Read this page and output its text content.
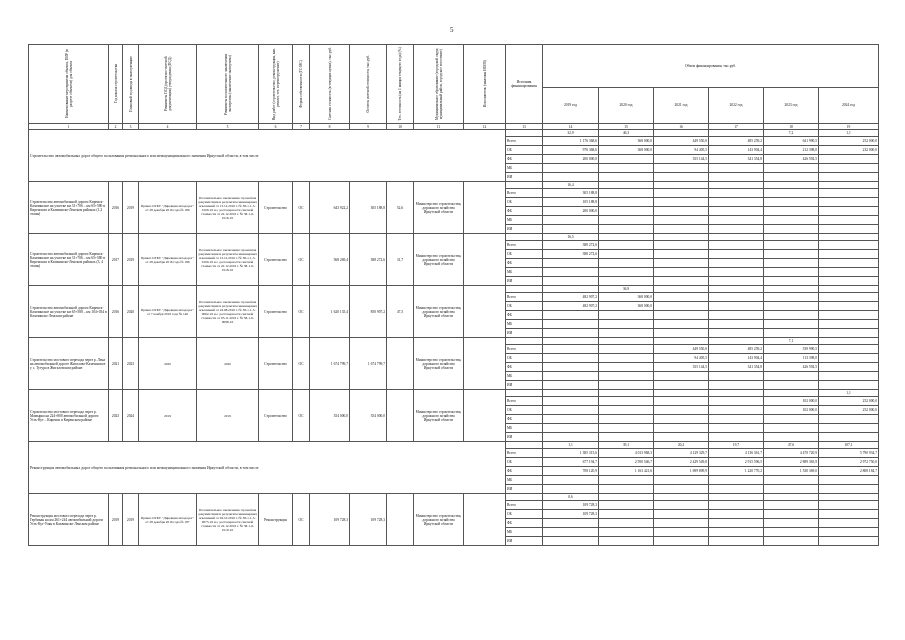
5
Наименование мероприятия объекта, ПИР (в разрезе объектов) для объекта	Год начала строительства	Плановый год ввода в эксплуатацию	Реквизиты ПСД (проектно-сметной документации) утверждения (ПСД)	Реквизиты положительного заключения экспертизы (заключение экспертизы)	Вид работ (строительство, реконструкция, кап. ремонт, тех. перевооружение)	Форма собственности (ГС/МС)	Сметная стоимость (в текущих ценах), тыс.руб.	Остаток сметной стоимости, тыс.руб.	Тех. готовность (на 1 января текущего года) (%)	Муниципальное образование (городской округ, муниципальный район, городское поселение)	Исполнитель (заказчик ИОГВ)	Источник финансирования	Объем финансирования, тыс.руб.					
													2019 год	2020 год	2021 год	2022 год	2023 год	2024 год
1	2	3	4	5	6	7	8	9	10	11	12	13	14	15	16	17	18	19
Строительство автомобильных дорог общего пользования регионального или межмуниципального значения Иркутской области, в том числе													32,9	46,3			7,2	1,1
												Всего	1 176 368,6	368 000,0	449 550,0	485 259,2	641 990,5	252 000,0
												ОБ	976 368,6	368 000,0	94 405,5	143 904,4	212 398,0	232 000,0
												ФБ	200 000,0		355 144,5	341 354,8	426 592,5	
												МБ						
												ИИ						
Строительство автомобильной дороги Киренск-Казачинское на участке км 31+706 – км 65+580 в Киренском и Казачинско-Ленском районах (1,2 этапы)	2016	2019	Приказ ОГКУ "Дирекция автодорог" от 28 декабря 2016 года № 186	Положительное заключение: проектная документация и результаты инженерных изысканий от 13.12.2016 г. № 38-1-1-3-0109-16 и о достоверности сметной стоимости от 22.12.2016 г. № 38-1-6-0116-16	Строительство	ОС	643 922,2	305 188,8	52,6	Министерство строительства, дорожного хозяйства Иркутской области			16,4					
												Всего	305 188,8					
												ОБ	105 188,8					
												ФБ	200 000,0					
												МБ						
												ИИ						
Строительство автомобильной дороги Киренск-Казачинское на участке км 31+706 – км 65+580 в Киренском и Казачинско-Ленском районах (3, 4 этапы)	2017	2019	Приказ ОГКУ "Дирекция автодорог" от 28 декабря 2016 года № 186	Положительное заключение: проектная документация и результаты инженерных изысканий от 13.12.2016 г. № 38-1-1-3-0109-16 и о достоверности сметной стоимости от 22.12.2016 г. № 38-1-6-0118-16	Строительство	ОС	568 269,4	388 272,6	31,7	Министерство строительства, дорожного хозяйства Иркутской области			16,5					
												Всего	388 272,6					
												ОБ	388 272,6					
												ФБ						
												МБ						
												ИИ						
Строительство автомобильной дороги Киренск-Казачинское на участке км 65+580 – км 104+034 в Казачинско-Ленском районе	2016	2020	Приказ ОГКУ "Дирекция автодорог" от 7 ноября 2016 года № 146	Положительное заключение: проектная документация и результаты инженерных изысканий от 24.08.2016 г. № 38-1-1-3-0062-16 и о достоверности сметной стоимости от 03.11.2016 г. № 38-1-6-0098-16	Строительство	ОС	1 620 135,4	850 907,2	47,5	Министерство строительства, дорожного хозяйства Иркутской области				36,9				
												Всего	482 907,2	368 000,0				
												ОБ	482 907,2	368 000,0				
												ФБ						
												МБ						
												ИИ						
Строительство мостового перехода через р. Лена на автомобильной дороге Жигалово-Казачинское у с. Тутура в Жигаловском районе	2021	2023	2020	2020	Строительство	ОС	1 674 799,7	1 674 799,7		Министерство строительства, дорожного хозяйства Иркутской области							7,1	
												Всего			449 550,0	485 259,2	539 990,5	
												ОБ			94 405,5	143 904,4	113 398,0	
												ФБ			355 144,5	341 354,8	426 592,5	
												МБ						
												ИИ						
Строительство мостового перехода через р. Мамырка на 224+800 автомобильной дороги Усть-Кут – Киренск в Киренском районе	2023	2024	2019	2019	Строительство	ОС	354 000,0	354 000,0		Министерство строительства, дорожного хозяйства Иркутской области								1,1
												Всего					102 000,0	252 000,0
												ОБ					102 000,0	252 000,0
												ФБ						
												МБ						
												ИИ						
Реконструкция автомобильных дорог общего пользования регионального или межмуниципального значения Иркутской области, в том числе													1,1	39,1	20,2	19,7	47,6	107,1
												Всего	1 385 315,6	4 013 968,3	4 129 329,7	4 136 361,7	4 470 720,9	5 790 934,7
												ОБ	677 194,7	2 950 546,7	2 429 549,8	2 915 596,5	2 889 365,9	2 972 750,0
												ФБ	708 120,9	1 163 421,6	1 699 809,9	1 220 770,2	1 530 369,0	2 808 184,7
												МБ						
												ИИ						
Реконструкция мостового перехода через р. Гербикан на км 261+244 автомобильной дороги Усть-Кут-Уоян в Казачинско-Ленском районе	2019	2019	Приказ ОГКУ "Дирекция автодорог" от 28 декабря 2016 года № 187	Положительное заключение: проектная документация и результаты инженерных изысканий от 04.10.2016 г. № 38-1-1-3-0075-16 и о достоверности сметной стоимости от 22.12.2016 г. № 38-1-6-0119-16	Реконструкция	ОС	109 728,3	109 728,3		Министерство строительства, дорожного хозяйства Иркутской области			0,6					
												Всего	109 728,3					
												ОБ	109 728,3					
												ФБ						
												МБ						
												ИИ						
